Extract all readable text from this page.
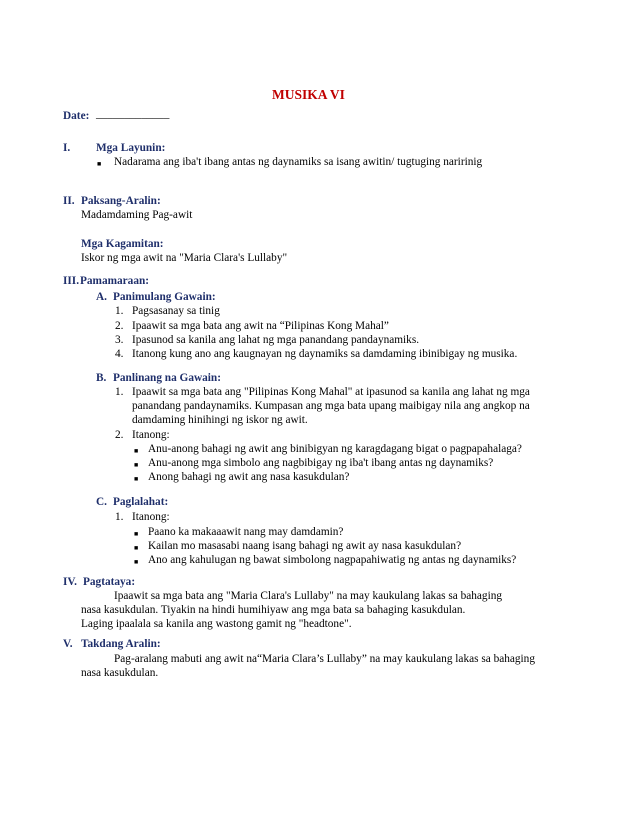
MUSIKA VI
Date: _____________
I. Mga Layunin:
■ Nadarama ang iba't ibang antas ng daynamiks sa isang awitin/ tugtuging naririnig
II. Paksang-Aralin:
Madamdaming Pag-awit
Mga Kagamitan:
Iskor ng mga awit na "Maria Clara's Lullaby"
III. Pamamaraan:
A. Panimulang Gawain:
1. Pagsasanay sa tinig
2. Ipaawit sa mga bata ang awit na “Pilipinas Kong Mahal”
3. Ipasunod sa kanila ang lahat ng mga panandang pandaynamiks.
4. Itanong kung ano ang kaugnayan ng daynamiks sa damdaming ibinibigay ng musika.
B. Panlinang na Gawain:
1. Ipaawit sa mga bata ang "Pilipinas Kong Mahal" at ipasunod sa kanila ang lahat ng mga
panandang pandaynamiks. Kumpasan ang mga bata upang maibigay nila ang angkop na
damdaming hinihingi ng iskor ng awit.
2. Itanong:
■ Anu-anong bahagi ng awit ang binibigyan ng karagdagang bigat o pagpapahalaga?
■ Anu-anong mga simbolo ang nagbibigay ng iba't ibang antas ng daynamiks?
■ Anong bahagi ng awit ang nasa kasukdulan?
C. Paglalahat:
1. Itanong:
■ Paano ka makaaawit nang may damdamin?
■ Kailan mo masasabi naang isang bahagi ng awit ay nasa kasukdulan?
■ Ano ang kahulugan ng bawat simbolong nagpapahiwatig ng antas ng daynamiks?
IV. Pagtataya:
Ipaawit sa mga bata ang "Maria Clara's Lullaby" na may kaukulang lakas sa bahaging
nasa kasukdulan. Tiyakin na hindi humihiyaw ang mga bata sa bahaging kasukdulan.
Laging ipaalala sa kanila ang wastong gamit ng "headtone".
V. Takdang Aralin:
Pag-aralang mabuti ang awit na“Maria Clara’s Lullaby” na may kaukulang lakas sa bahaging
nasa kasukdulan.
